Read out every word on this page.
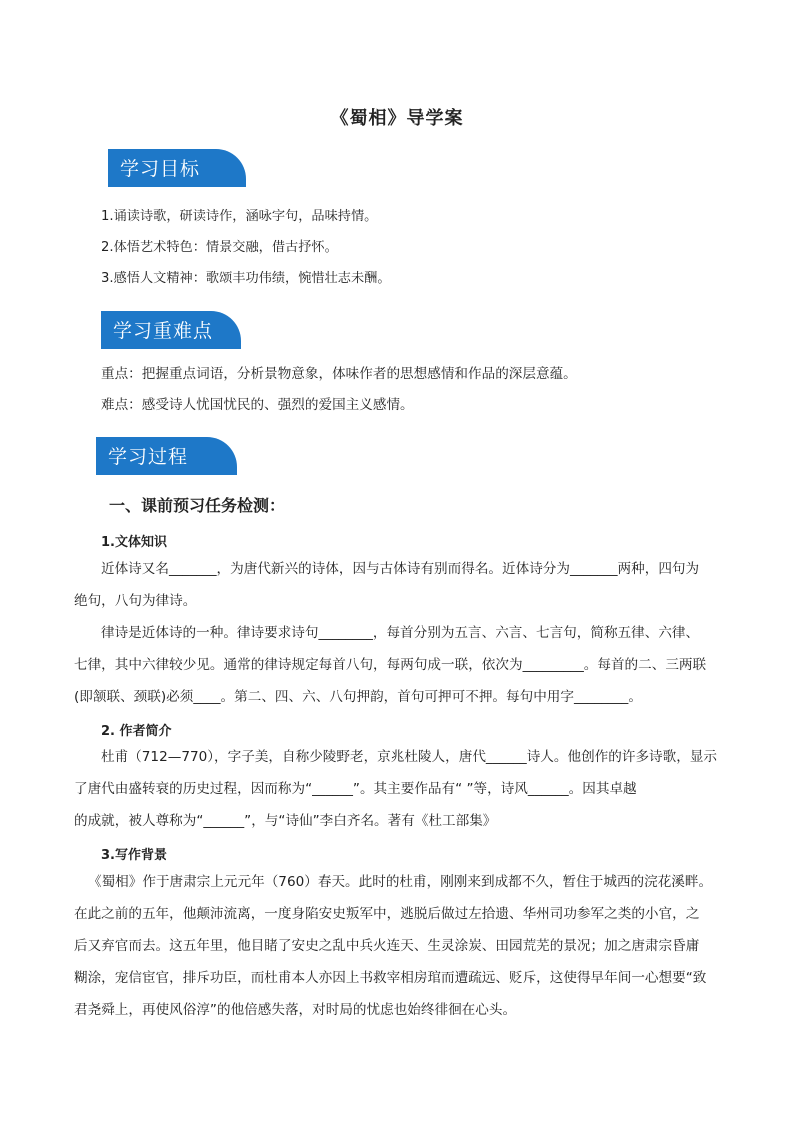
《蜀相》导学案
学习目标
1.诵读诗歌，研读诗作，涵咏字句，品味持情。
2.体悟艺术特色：情景交融，借古抒怀。
3.感悟人文精神：歌颂丰功伟绩，惋惜壮志未酬。
学习重难点
重点：把握重点词语，分析景物意象，体味作者的思想感情和作品的深层意蕴。
难点：感受诗人忧国忧民的、强烈的爱国主义感情。
学习过程
一、课前预习任务检测：
1.文体知识
近体诗又名_______，为唐代新兴的诗体，因与古体诗有别而得名。近体诗分为_______两种，四句为
绝句，八句为律诗。
律诗是近体诗的一种。律诗要求诗句________，每首分别为五言、六言、七言句，简称五律、六律、
七律，其中六律较少见。通常的律诗规定每首八句，每两句成一联，依次为_________。每首的二、三两联
(即颔联、颈联)必须____。第二、四、六、八句押韵，首句可押可不押。每句中用字________。
2. 作者简介
杜甫（712—770），字子美，自称少陵野老，京兆杜陵人，唐代______诗人。他创作的许多诗歌，显示
了唐代由盛转衰的历史过程，因而称为“______”。其主要作品有“ ”等，诗风______。因其卓越
的成就，被人尊称为“______”，与“诗仙”李白齐名。著有《杜工部集》
3.写作背景
《蜀相》作于唐肃宗上元元年（760）春天。此时的杜甫，刚刚来到成都不久，暂住于城西的浣花溪畔。
在此之前的五年，他颠沛流离，一度身陷安史叛军中，逃脱后做过左拾遗、华州司功参军之类的小官，之
后又弃官而去。这五年里，他目睹了安史之乱中兵火连天、生灵涂炭、田园荒芜的景况；加之唐肃宗昏庸
糊涂，宠信宦官，排斥功臣，而杜甫本人亦因上书救宰相房琯而遭疏远、贬斥，这使得早年间一心想要“致
君尧舜上，再使风俗淳”的他倍感失落，对时局的忧虑也始终徘徊在心头。
